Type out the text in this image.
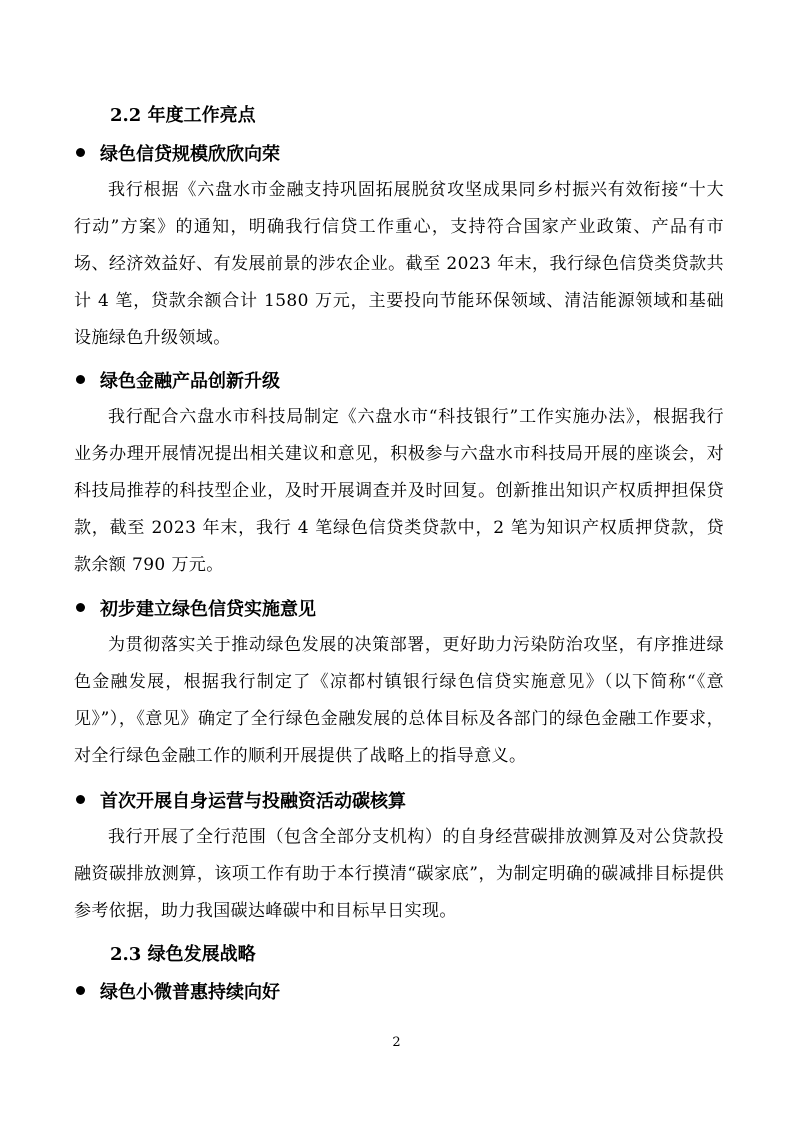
2.2 年度工作亮点
绿色信贷规模欣欣向荣

我行根据《六盘水市金融支持巩固拓展脱贫攻坚成果同乡村振兴有效衔接“十大行动”方案》的通知，明确我行信贷工作重心，支持符合国家产业政策、产品有市场、经济效益好、有发展前景的涉农企业。截至 2023 年末，我行绿色信贷类贷款共计 4 笔，贷款余额合计 1580 万元，主要投向节能环保领域、清洁能源领域和基础设施绿色升级领域。

绿色金融产品创新升级

我行配合六盘水市科技局制定《六盘水市“科技银行”工作实施办法》，根据我行业务办理开展情况提出相关建议和意见，积极参与六盘水市科技局开展的座谈会，对科技局推荐的科技型企业，及时开展调查并及时回复。创新推出知识产权质押担保贷款，截至 2023 年末，我行 4 笔绿色信贷类贷款中，2 笔为知识产权质押贷款，贷款余额 790 万元。

初步建立绿色信贷实施意见

为贯彻落实关于推动绿色发展的决策部署，更好助力污染防治攻坚，有序推进绿色金融发展，根据我行制定了《凉都村镇银行绿色信贷实施意见》（以下简称“《意见》”），《意见》确定了全行绿色金融发展的总体目标及各部门的绿色金融工作要求，对全行绿色金融工作的顺利开展提供了战略上的指导意义。

首次开展自身运营与投融资活动碳核算

我行开展了全行范围（包含全部分支机构）的自身经营碳排放测算及对公贷款投融资碳排放测算，该项工作有助于本行摸清“碳家底”，为制定明确的碳减排目标提供参考依据，助力我国碳达峰碳中和目标早日实现。

2.3 绿色发展战略
绿色小微普惠持续向好
2
